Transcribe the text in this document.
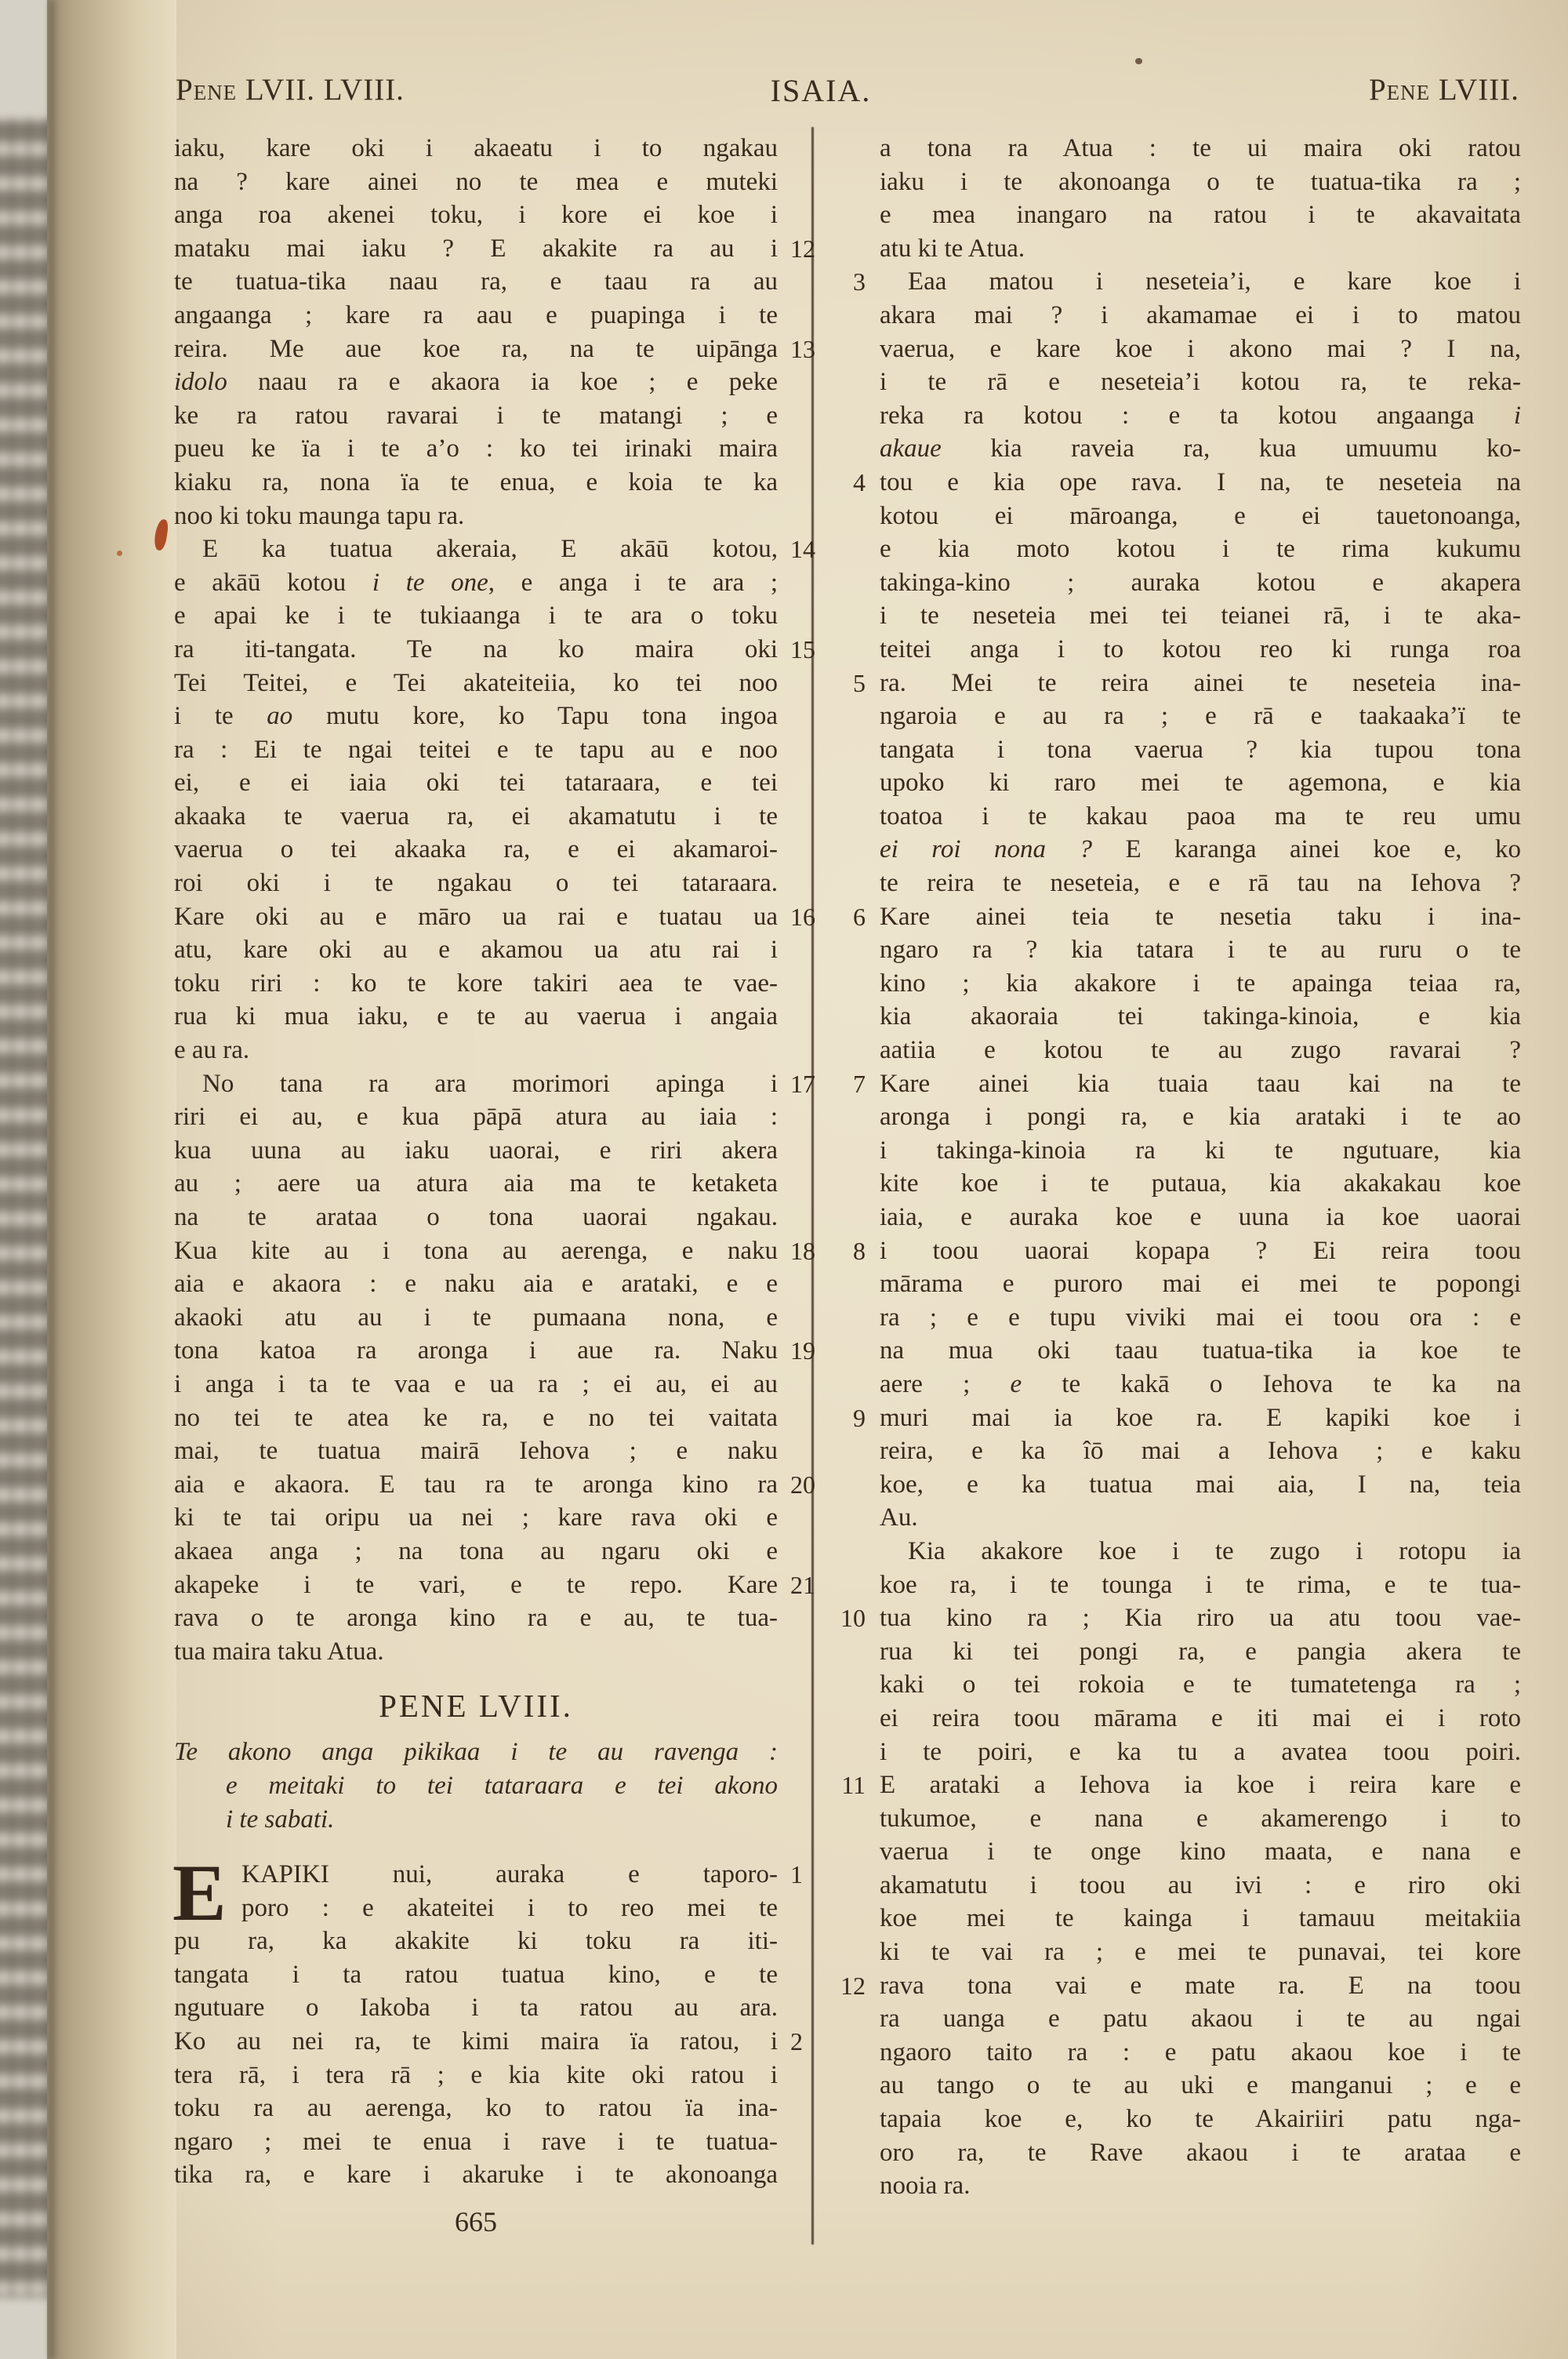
Pene LVII. LVIII.	ISAIA.	Pene LVIII.
iaku, kare oki i akaeatu i to ngakau
na ? kare ainei no te mea e muteki
anga roa akenei toku, i kore ei koe i
mataku mai iaku ? E akakite ra au i 12
te tuatua-tika naau ra, e taau ra au
angaanga ; kare ra aau e puapinga i te
reira. Me aue koe ra, na te uipānga 13
idolo naau ra e akaora ia koe ; e peke
ke ra ratou ravarai i te matangi ; e
pueu ke ïa i te a’o : ko tei irinaki maira
kiaku ra, nona ïa te enua, e koia te ka
noo ki toku maunga tapu ra.
E ka tuatua akeraia, E akāū kotou, 14
e akāū kotou i te one, e anga i te ara ;
e apai ke i te tukiaanga i te ara o toku
ra iti-tangata. Te na ko maira oki 15
Tei Teitei, e Tei akateiteiia, ko tei noo
i te ao mutu kore, ko Tapu tona ingoa
ra : Ei te ngai teitei e te tapu au e noo
ei, e ei iaia oki tei tataraara, e tei
akaaka te vaerua ra, ei akamatutu i te
vaerua o tei akaaka ra, e ei akamaroi-
roi oki i te ngakau o tei tataraara.
Kare oki au e māro ua rai e tuatau ua 16
atu, kare oki au e akamou ua atu rai i
toku riri : ko te kore takiri aea te vae-
rua ki mua iaku, e te au vaerua i angaia
e au ra.
No tana ra ara morimori apinga i 17
riri ei au, e kua pāpā atura au iaia :
kua uuna au iaku uaorai, e riri akera
au ; aere ua atura aia ma te ketaketa
na te arataa o tona uaorai ngakau.
Kua kite au i tona au aerenga, e naku 18
aia e akaora : e naku aia e arataki, e e
akaoki atu au i te pumaana nona, e
tona katoa ra aronga i aue ra. Naku 19
i anga i ta te vaa e ua ra ; ei au, ei au
no tei te atea ke ra, e no tei vaitata
mai, te tuatua mairā Iehova ; e naku
aia e akaora. E tau ra te aronga kino ra 20
ki te tai oripu ua nei ; kare rava oki e
akaea anga ; na tona au ngaru oki e
akapeke i te vari, e te repo. Kare 21
rava o te aronga kino ra e au, te tua-
tua maira taku Atua.
PENE LVIII.
Te akono anga pikikaa i te au ravenga :
e meitaki to tei tataraara e tei akono
i te sabati.
E KAPIKI nui, auraka e taporo- 1
poro : e akateitei i to reo mei te
pu ra, ka akakite ki toku ra iti-
tangata i ta ratou tuatua kino, e te
ngutuare o Iakoba i ta ratou au ara.
Ko au nei ra, te kimi maira ïa ratou, i 2
tera rā, i tera rā ; e kia kite oki ratou i
toku ra au aerenga, ko to ratou ïa ina-
ngaro ; mei te enua i rave i te tuatua-
tika ra, e kare i akaruke i te akonoanga
a tona ra Atua : te ui maira oki ratou
iaku i te akonoanga o te tuatua-tika ra ;
e mea inangaro na ratou i te akavaitata
atu ki te Atua.
Eaa matou i neseteia’i, e kare koe i
3
akara mai ? i akamamae ei i to matou
vaerua, e kare koe i akono mai ? I na,
i te rā e neseteia’i kotou ra, te reka-
reka ra kotou : e ta kotou angaanga i
akaue kia raveia ra, kua umuumu ko-
tou e kia ope rava. I na, te neseteia na
4
kotou ei māroanga, e ei tauetonoanga,
e kia moto kotou i te rima kukumu
takinga-kino ; auraka kotou e akapera
i te neseteia mei tei teianei rā, i te aka-
teitei anga i to kotou reo ki runga roa
ra. Mei te reira ainei te neseteia ina-
5
ngaroia e au ra ; e rā e taakaaka’ï te
tangata i tona vaerua ? kia tupou tona
upoko ki raro mei te agemona, e kia
toatoa i te kakau paoa ma te reu umu
ei roi nona ? E karanga ainei koe e, ko
te reira te neseteia, e e rā tau na Iehova ?
Kare ainei teia te nesetia taku i ina-
6
ngaro ra ? kia tatara i te au ruru o te
kino ; kia akakore i te apainga teiaa ra,
kia akaoraia tei takinga-kinoia, e kia
aatiia e kotou te au zugo ravarai ?
Kare ainei kia tuaia taau kai na te
7
aronga i pongi ra, e kia arataki i te ao
i takinga-kinoia ra ki te ngutuare, kia
kite koe i te putaua, kia akakakau koe
iaia, e auraka koe e uuna ia koe uaorai
i toou uaorai kopapa ? Ei reira toou
8
mārama e puroro mai ei mei te popongi
ra ; e e tupu viviki mai ei toou ora : e
na mua oki taau tuatua-tika ia koe te
aere ; e te kakā o Iehova te ka na
muri mai ia koe ra. E kapiki koe i
9
reira, e ka îō mai a Iehova ; e kaku
koe, e ka tuatua mai aia, I na, teia
Au.
Kia akakore koe i te zugo i rotopu ia
koe ra, i te tounga i te rima, e te tua-
tua kino ra ; Kia riro ua atu toou vae-
10
rua ki tei pongi ra, e pangia akera te
kaki o tei rokoia e te tumatetenga ra ;
ei reira toou mārama e iti mai ei i roto
i te poiri, e ka tu a avatea toou poiri.
E arataki a Iehova ia koe i reira kare e
11
tukumoe, e nana e akamerengo i to
vaerua i te onge kino maata, e nana e
akamatutu i toou au ivi : e riro oki
koe mei te kainga i tamauu meitakiia
ki te vai ra ; e mei te punavai, tei kore
rava tona vai e mate ra. E na toou
12
ra uanga e patu akaou i te au ngai
ngaoro taito ra : e patu akaou koe i te
au tango o te au uki e manganui ; e e
tapaia koe e, ko te Akairiiri patu nga-
oro ra, te Rave akaou i te arataa e
nooia ra.
665
